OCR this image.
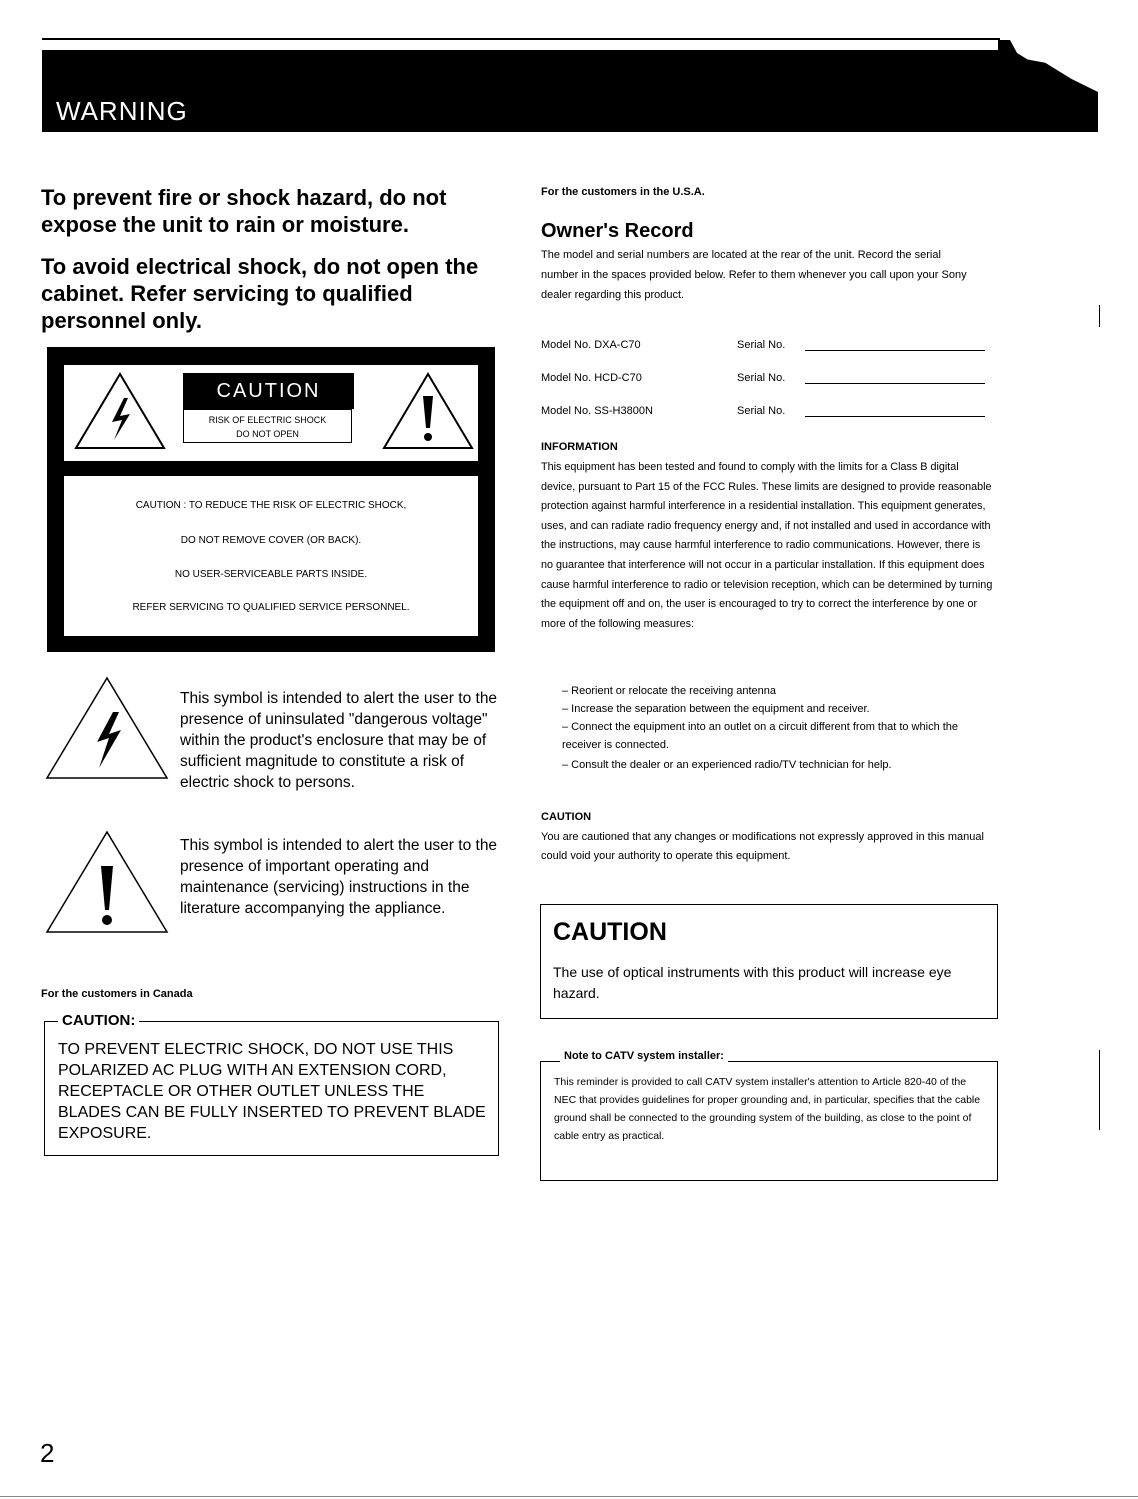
WARNING
To prevent fire or shock hazard, do not expose the unit to rain or moisture.
To avoid electrical shock, do not open the cabinet. Refer servicing to qualified personnel only.
CAUTION
RISK OF ELECTRIC SHOCK
DO NOT OPEN
CAUTION : TO REDUCE THE RISK OF ELECTRIC SHOCK,
DO NOT REMOVE COVER (OR BACK).
NO USER-SERVICEABLE PARTS INSIDE.
REFER SERVICING TO QUALIFIED SERVICE PERSONNEL.
This symbol is intended to alert the user to the presence of uninsulated "dangerous voltage" within the product's enclosure that may be of sufficient magnitude to constitute a risk of electric shock to persons.
This symbol is intended to alert the user to the presence of important operating and maintenance (servicing) instructions in the literature accompanying the appliance.
For the customers in Canada
CAUTION:
TO PREVENT ELECTRIC SHOCK, DO NOT USE THIS POLARIZED AC PLUG WITH AN EXTENSION CORD, RECEPTACLE OR OTHER OUTLET UNLESS THE BLADES CAN BE FULLY INSERTED TO PREVENT BLADE EXPOSURE.
For the customers in the U.S.A.
Owner's Record
The model and serial numbers are located at the rear of the unit. Record the serial number in the spaces provided below. Refer to them whenever you call upon your Sony dealer regarding this product.
Model No. DXA-C70	Serial No.
Model No. HCD-C70	Serial No.
Model No. SS-H3800N	Serial No.
INFORMATION
This equipment has been tested and found to comply with the limits for a Class B digital device, pursuant to Part 15 of the FCC Rules. These limits are designed to provide reasonable protection against harmful interference in a residential installation. This equipment generates, uses, and can radiate radio frequency energy and, if not installed and used in accordance with the instructions, may cause harmful interference to radio communications. However, there is no guarantee that interference will not occur in a particular installation. If this equipment does cause harmful interference to radio or television reception, which can be determined by turning the equipment off and on, the user is encouraged to try to correct the interference by one or more of the following measures:
– Reorient or relocate the receiving antenna
– Increase the separation between the equipment and receiver.
– Connect the equipment into an outlet on a circuit different from that to which the receiver is connected.
– Consult the dealer or an experienced radio/TV technician for help.
CAUTION
You are cautioned that any changes or modifications not expressly approved in this manual could void your authority to operate this equipment.
CAUTION
The use of optical instruments with this product will increase eye hazard.
Note to CATV system installer:
This reminder is provided to call CATV system installer's attention to Article 820-40 of the NEC that provides guidelines for proper grounding and, in particular, specifies that the cable ground shall be connected to the grounding system of the building, as close to the point of cable entry as practical.
2
